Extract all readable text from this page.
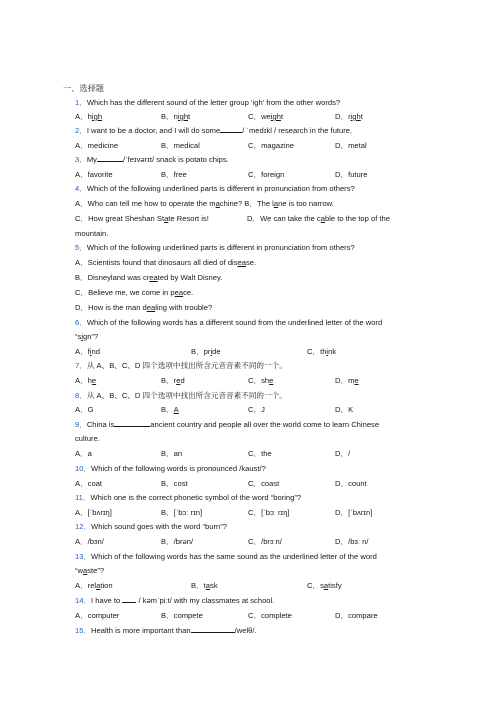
一、选择题
1．Which has the different sound of the letter group ‘igh’ from the other words?
A．high	B．night	C．weight	D．right
2．I want to be a doctor, and I will do some	/ ˈmedɪkl / research in the future.
A．medicine	B．medical	C．magazine	D．metal
3．My	/ˈfeɪvərɪt/ snack is potato chips.
A．favorite	B．free	C．foreign	D．future
4．Which of the following underlined parts is different in pronunciation from others?
A．Who can tell me how to operate the machine? B．The lane is too narrow.
C．How great Sheshan State Resort is!	D．We can take the cable to the top of the
mountain.
5．Which of the following underlined parts is different in pronunciation from others?
A．Scientists found that dinosaurs all died of disease.
B．Disneyland was created by Walt Disney.
C．Believe me, we come in peace.
D．How is the man dealing with trouble?
6．Which of the following words has a different sound from the underlined letter of the word
“sign”?
A．find	B．pride	C．think
7．从 A、B、C、D 四个选项中找出所含元音音素不同的一个。
A．he	B．red	C．she	D．me
8．从 A、B、C、D 四个选项中找出所含元音音素不同的一个。
A．G	B．A	C．J	D．K
9．China is	ancient country and people all over the world come to learn Chinese
culture.
A．a	B．an	C．the	D．/
10．Which of the following words is pronounced /kaust/?
A．coat	B．cost	C．coast	D．count
11．Which one is the correct phonetic symbol of the word “boring”?
A．[ˈbʌrɪŋ]	B．[ˈbɔː rɪn]	C．[ˈbɔː rɪŋ]	D．[ˈbʌrɪn]
12．Which sound goes with the word “burn”?
A．/bɜn/	B．/brən/	C．/brɜːn/	D．/bɜː n/
13．Which of the following words has the same sound as the underlined letter of the word
“waste”?
A．relation	B．task	C．satisfy
14．I have to / kəmˈpiːt/ with my classmates at school.
A．computer	B．compete	C．complete	D．compare
15．Health is more important than	/welθ/.
